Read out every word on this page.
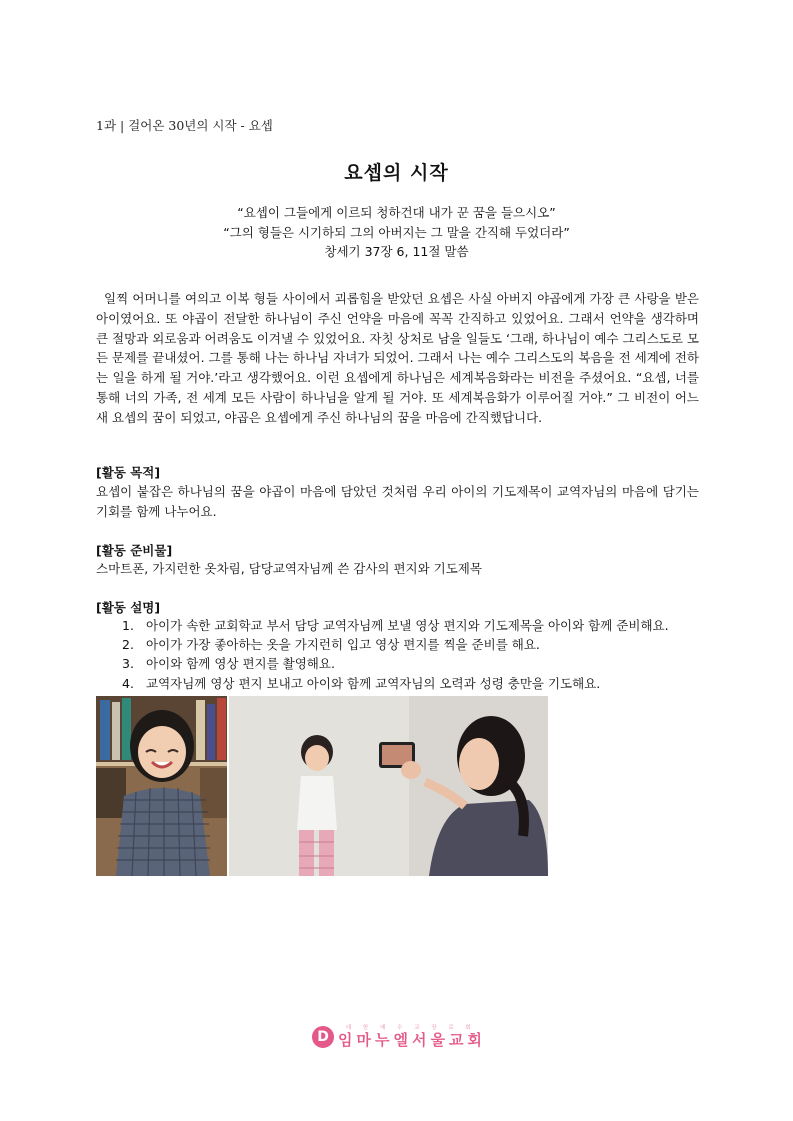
1과 | 걸어온 30년의 시작 - 요셉
요셉의 시작
“요셉이 그들에게 이르되 청하건대 내가 꾼 꿈을 들으시오”
“그의 형들은 시기하되 그의 아버지는 그 말을 간직해 두었더라”
창세기 37장 6, 11절 말씀
일찍 어머니를 여의고 이복 형들 사이에서 괴롭힘을 받았던 요셉은 사실 아버지 야곱에게 가장 큰 사랑을 받은 아이였어요. 또 야곱이 전달한 하나님이 주신 언약을 마음에 꼭꼭 간직하고 있었어요. 그래서 언약을 생각하며 큰 절망과 외로움과 어려움도 이겨낼 수 있었어요. 자칫 상처로 남을 일들도 ‘그래, 하나님이 예수 그리스도로 모든 문제를 끝내셨어. 그를 통해 나는 하나님 자녀가 되었어. 그래서 나는 예수 그리스도의 복음을 전 세계에 전하는 일을 하게 될 거야.’라고 생각했어요. 이런 요셉에게 하나님은 세계복음화라는 비전을 주셨어요. “요셉, 너를 통해 너의 가족, 전 세계 모든 사람이 하나님을 알게 될 거야. 또 세계복음화가 이루어질 거야.” 그 비전이 어느새 요셉의 꿈이 되었고, 야곱은 요셉에게 주신 하나님의 꿈을 마음에 간직했답니다.
[활동 목적]
요셉이 붙잡은 하나님의 꿈을 야곱이 마음에 담았던 것처럼 우리 아이의 기도제목이 교역자님의 마음에 담기는 기회를 함께 나누어요.
[활동 준비물]
스마트폰, 가지런한 옷차림, 담당교역자님께 쓴 감사의 편지와 기도제목
[활동 설명]
1. 아이가 속한 교회학교 부서 담당 교역자님께 보낼 영상 편지와 기도제목을 아이와 함께 준비해요.
2. 아이가 가장 좋아하는 옷을 가지런히 입고 영상 편지를 찍을 준비를 해요.
3. 아이와 함께 영상 편지를 촬영해요.
4. 교역자님께 영상 편지 보내고 아이와 함께 교역자님의 오력과 성령 충만을 기도해요.
D
대 한 예 수 교 장 로 회
임마누엘서울교회
